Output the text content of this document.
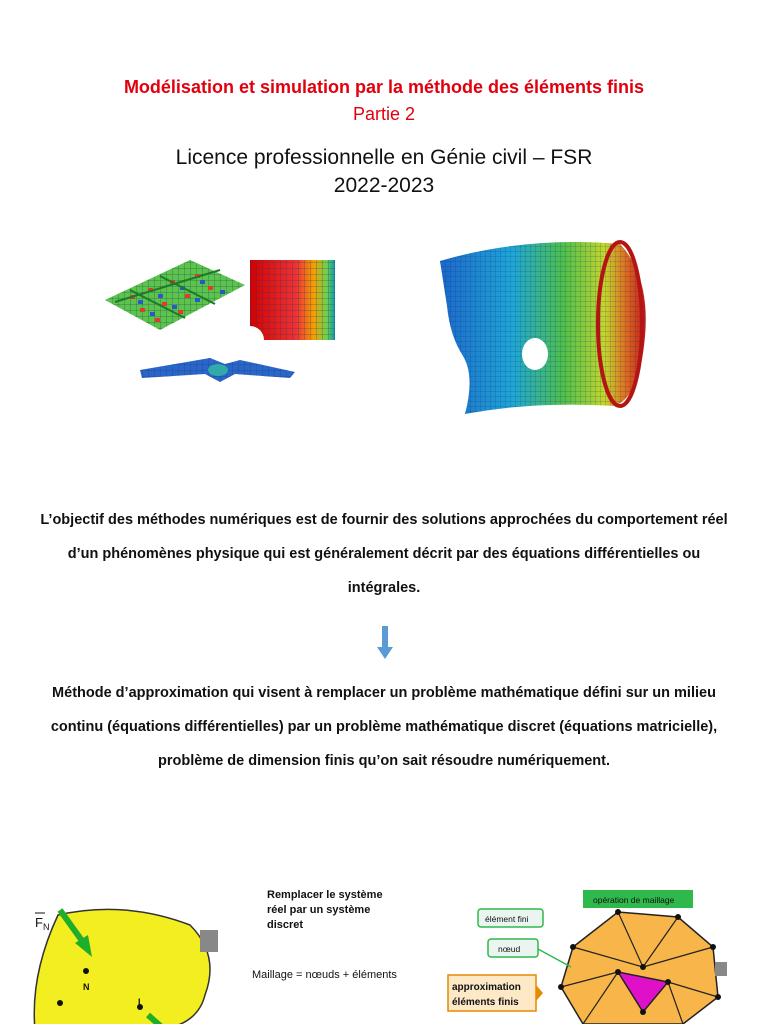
Modélisation et simulation par la méthode des éléments finis
Partie 2
Licence professionnelle en Génie civil – FSR
2022-2023
L’objectif des méthodes numériques est de fournir des solutions approchées du comportement réel d’un phénomènes physique qui est généralement décrit par des équations différentielles ou intégrales.
Méthode d’approximation qui visent à remplacer un problème mathématique défini sur un milieu continu (équations différentielles) par un problème mathématique discret (équations matricielle), problème de dimension finis qu’on sait résoudre numériquement.
$F_N$
N
I
Remplacer le système
réel par un système
discret
Maillage = nœuds + éléments
opération de maillage
élément fini
nœud
approximation
éléments finis
